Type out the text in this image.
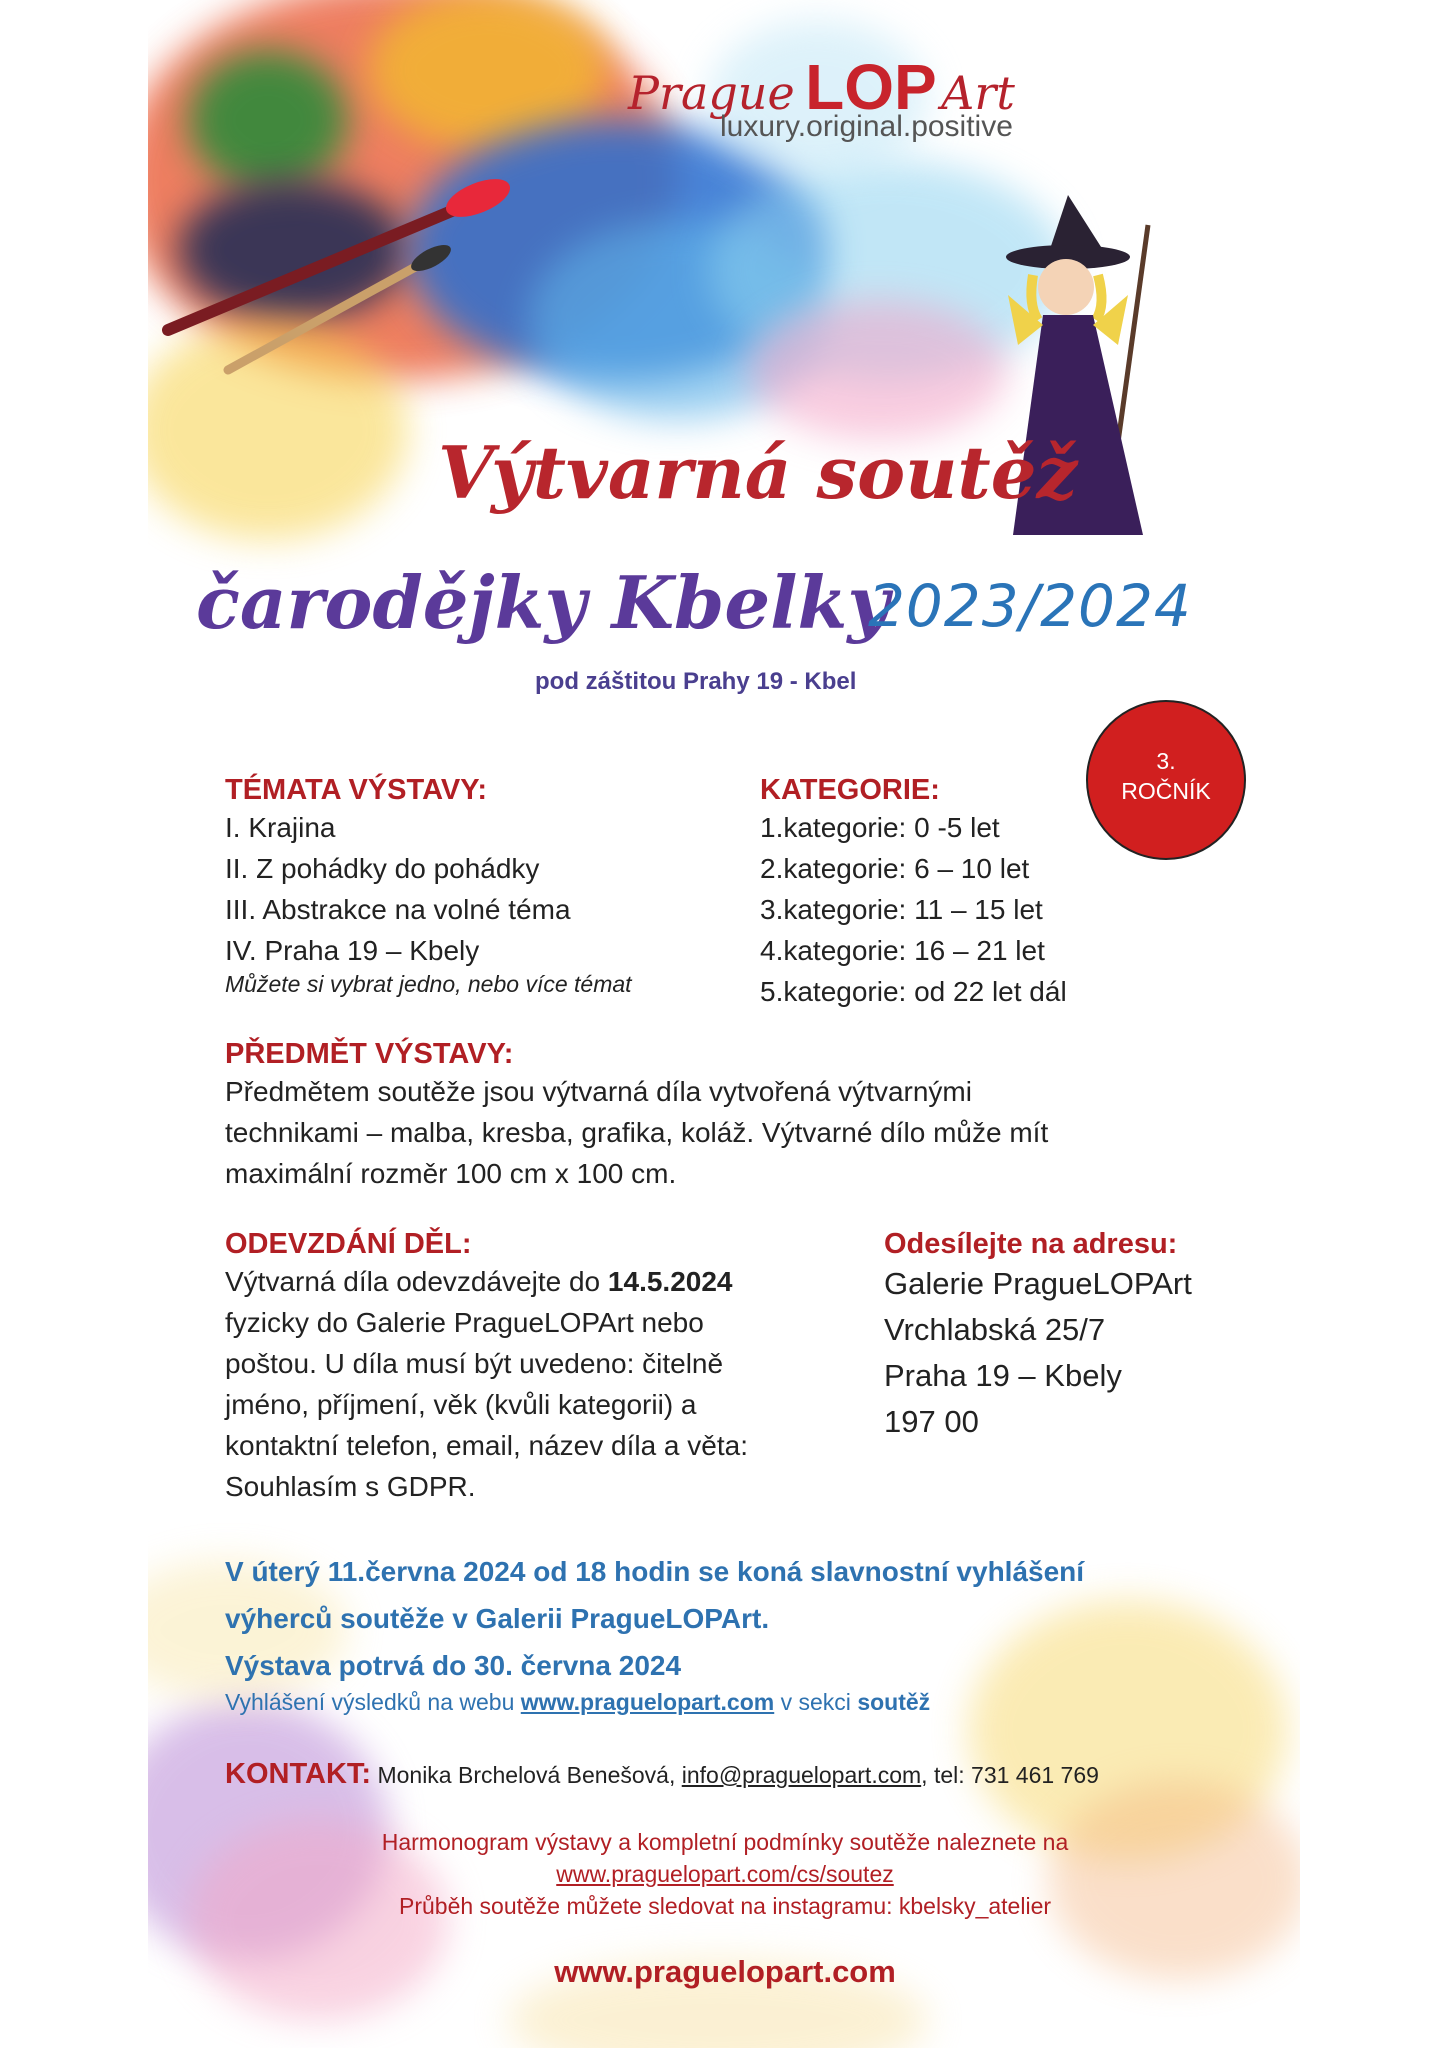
Prague LOP Art
luxury.original.positive
Výtvarná soutěž
čarodějky Kbelky
2023/2024
pod záštitou Prahy 19 - Kbel
3.
ROČNÍK
TÉMATA VÝSTAVY:
I. Krajina
II. Z pohádky do pohádky
III. Abstrakce na volné téma
IV. Praha 19 – Kbely
Můžete si vybrat jedno, nebo více témat
KATEGORIE:
1.kategorie: 0 -5 let
2.kategorie: 6 – 10 let
3.kategorie: 11 – 15 let
4.kategorie: 16 – 21 let
5.kategorie: od 22 let dál
PŘEDMĚT VÝSTAVY:
Předmětem soutěže jsou výtvarná díla vytvořená výtvarnými
technikami – malba, kresba, grafika, koláž. Výtvarné dílo může mít
maximální rozměr 100 cm x 100 cm.
ODEVZDÁNÍ DĚL:
Výtvarná díla odevzdávejte do 14.5.2024
fyzicky do Galerie PragueLOPArt nebo
poštou. U díla musí být uvedeno: čitelně
jméno, příjmení, věk (kvůli kategorii) a
kontaktní telefon, email, název díla a věta:
Souhlasím s GDPR.
Odesílejte na adresu:
Galerie PragueLOPArt
Vrchlabská 25/7
Praha 19 – Kbely
197 00
V úterý 11.června 2024 od 18 hodin se koná slavnostní vyhlášení
výherců soutěže v Galerii PragueLOPArt.
Výstava potrvá do 30. června 2024
Vyhlášení výsledků na webu www.praguelopart.com v sekci soutěž
KONTAKT: Monika Brchelová Benešová, info@praguelopart.com, tel: 731 461 769
Harmonogram výstavy a kompletní podmínky soutěže naleznete na
www.praguelopart.com/cs/soutez
Průběh soutěže můžete sledovat na instagramu: kbelsky_atelier
www.praguelopart.com
